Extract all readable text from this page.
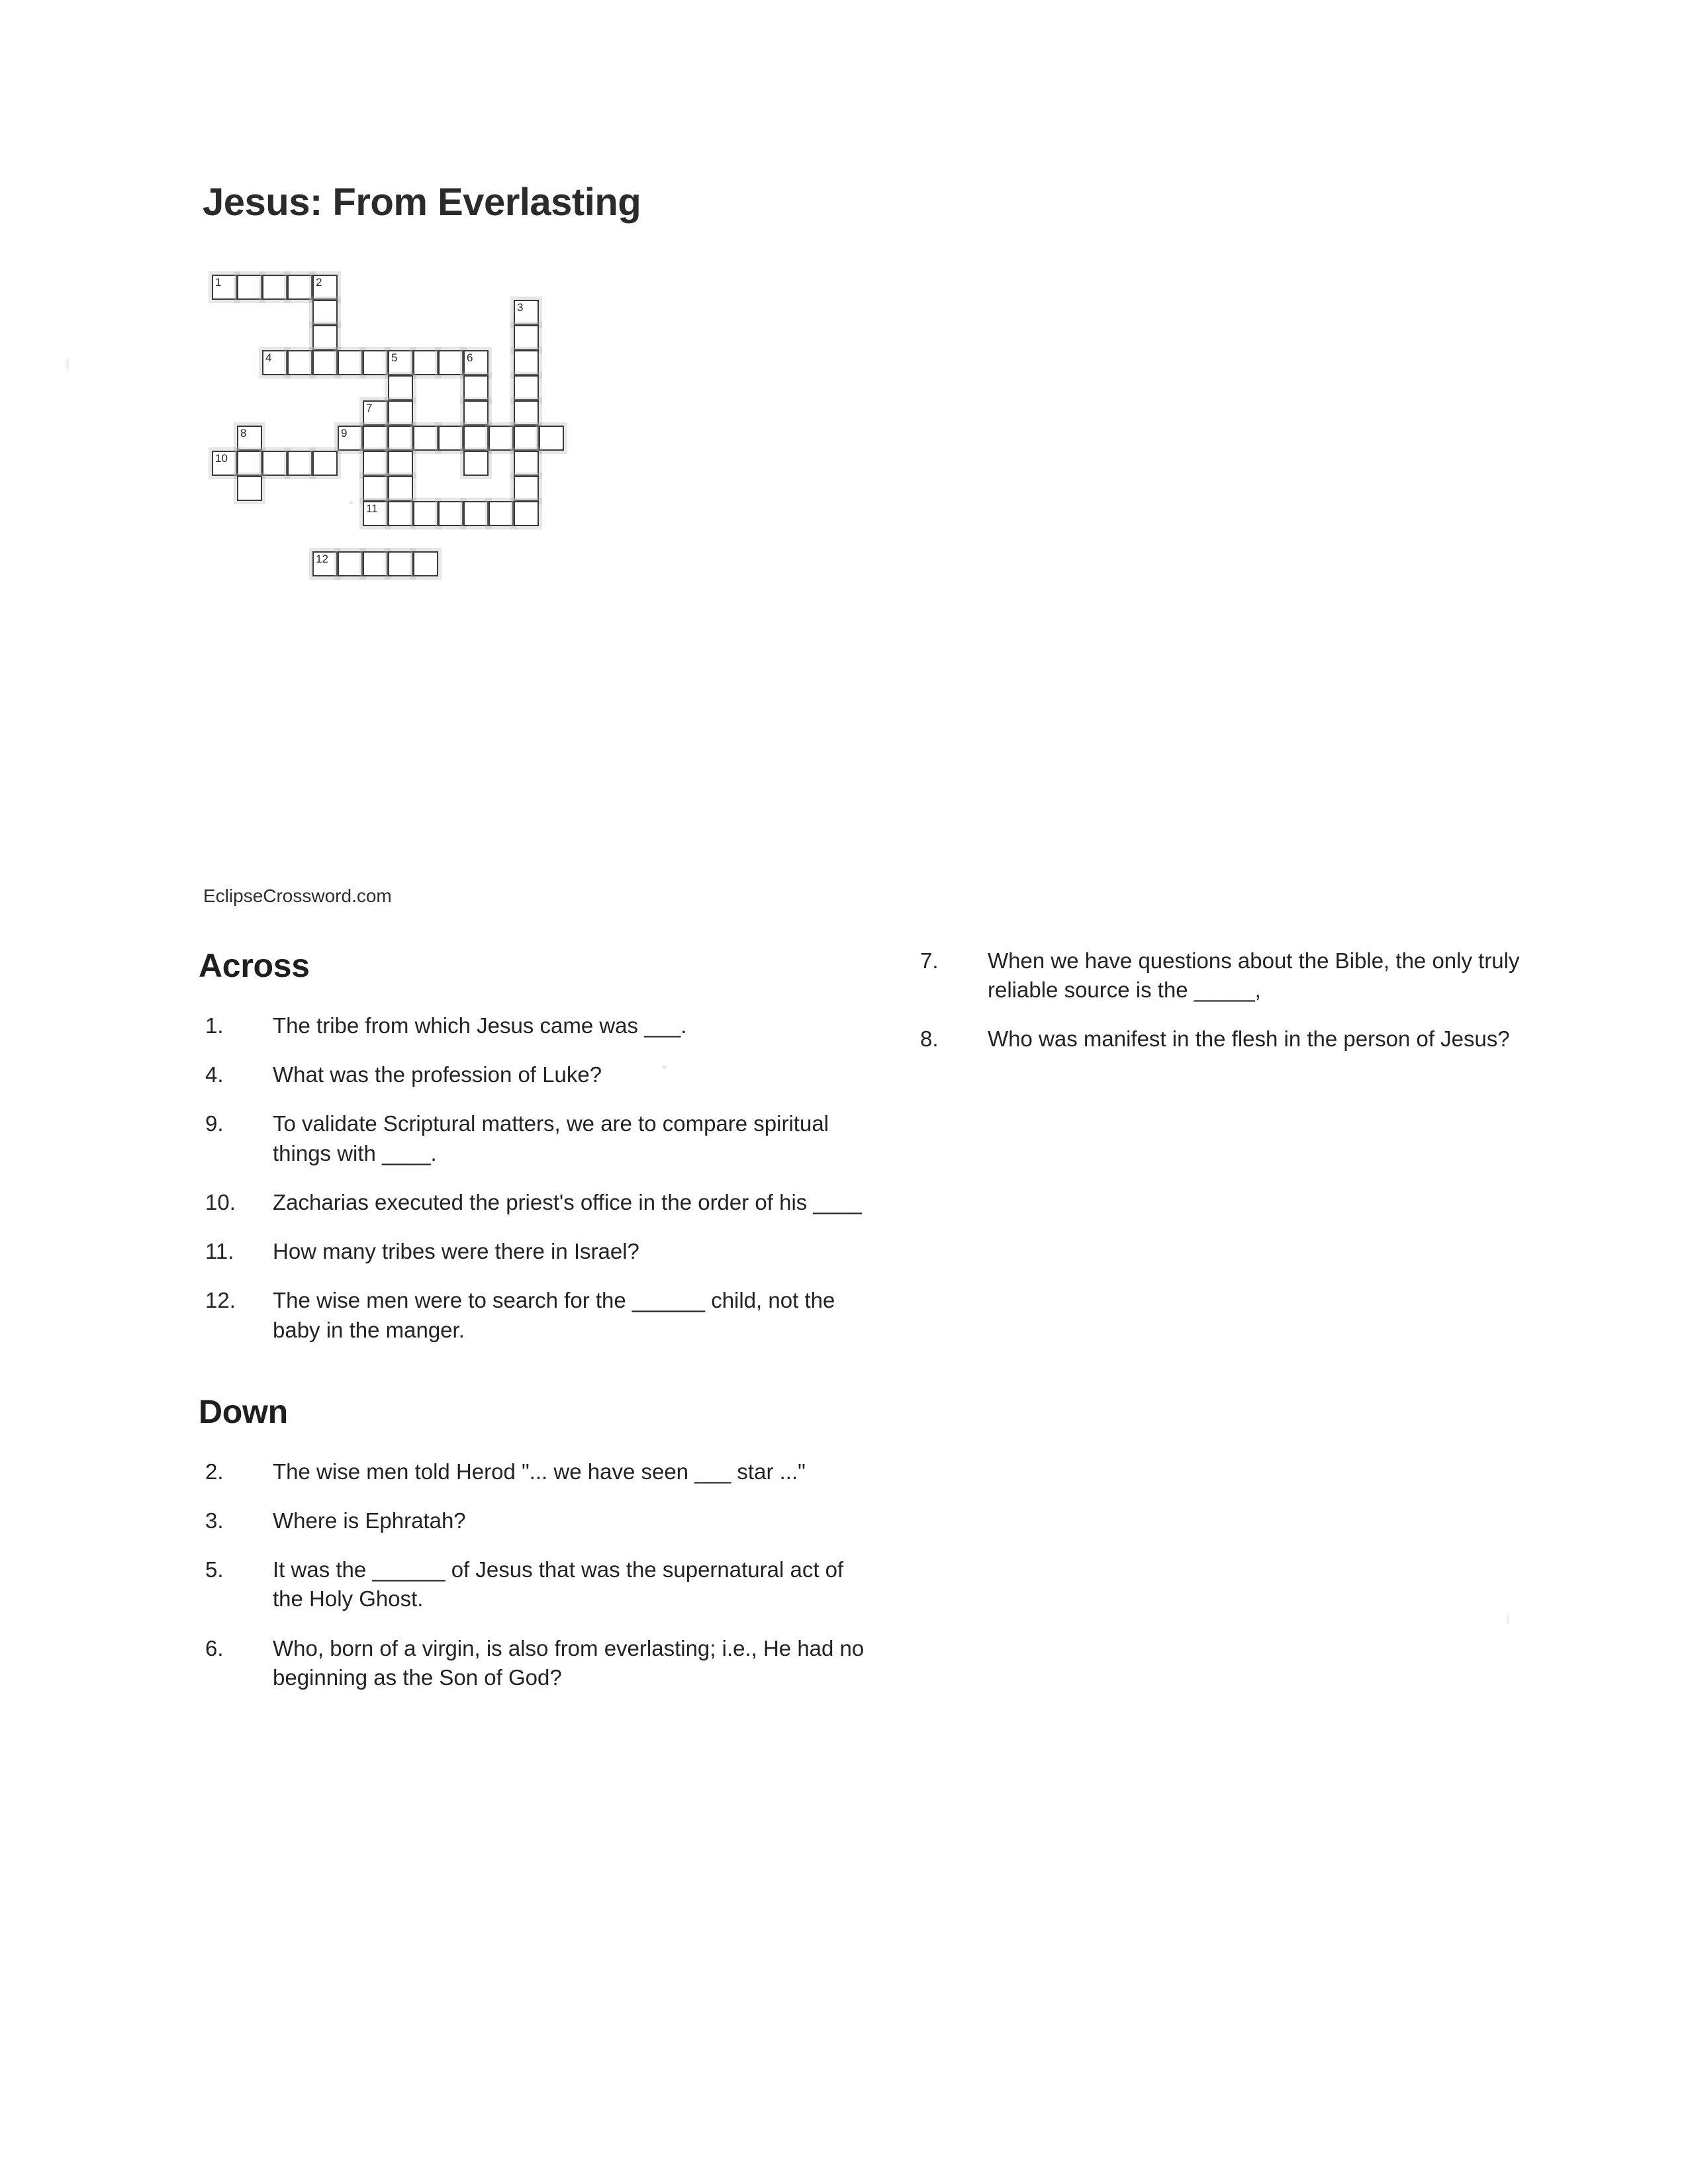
Jesus: From Everlasting
1	2
3
4	5	6
7
8	9
10
11
12
EclipseCrossword.com
Across
1.	The tribe from which Jesus came was ___.
4.	What was the profession of Luke?
9.	To validate Scriptural matters, we are to compare spiritual things with ____.
10.	Zacharias executed the priest's office in the order of his ____
11.	How many tribes were there in Israel?
12.	The wise men were to search for the ______ child, not the baby in the manger.
Down
2.	The wise men told Herod "... we have seen ___ star ..."
3.	Where is Ephratah?
5.	It was the ______ of Jesus that was the supernatural act of the Holy Ghost.
6.	Who, born of a virgin, is also from everlasting; i.e., He had no beginning as the Son of God?
7.	When we have questions about the Bible, the only truly reliable source is the _____,
8.	Who was manifest in the flesh in the person of Jesus?
